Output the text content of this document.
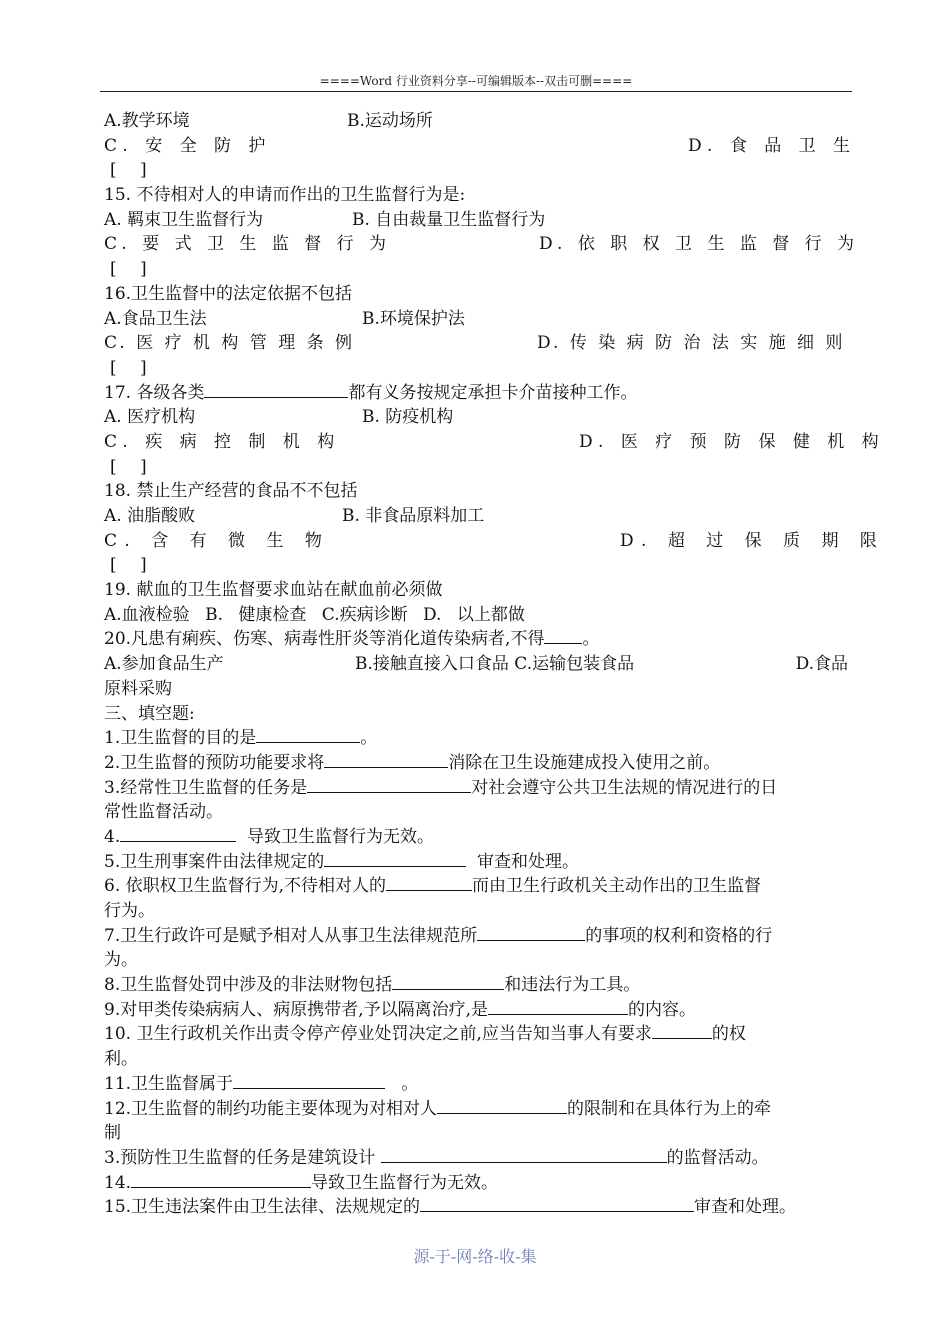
====Word 行业资料分享--可编辑版本--双击可删====
A.教学环境	B.运动场所
C. 安 全 防 护	D. 食 品 卫 生
[ ]
15. 不待相对人的申请而作出的卫生监督行为是:
A. 羁束卫生监督行为	B. 自由裁量卫生监督行为
C. 要 式 卫 生 监 督 行 为	D. 依 职 权 卫 生 监 督 行 为
[ ]
16.卫生监督中的法定依据不包括
A.食品卫生法	B.环境保护法
C. 医 疗 机 构 管 理 条 例	D. 传 染 病 防 治 法 实 施 细 则
[ ]
17. 各级各类	都有义务按规定承担卡介苗接种工作。
A. 医疗机构	B. 防疫机构
C. 疾 病 控 制 机 构	D. 医 疗 预 防 保 健 机 构
[ ]
18. 禁止生产经营的食品不不包括
A. 油脂酸败	B. 非食品原料加工
C. 含 有 微 生 物	D. 超 过 保 质 期 限
[ ]
19. 献血的卫生监督要求血站在献血前必须做
A.血液检验 B. 健康检查 C.疾病诊断 D. 以上都做
20.凡患有痢疾、伤寒、病毒性肝炎等消化道传染病者,不得 。
A.参加食品生产	B.接触直接入口食品 C.运输包装食品	D.食品
原料采购
三、填空题:
1.卫生监督的目的是	。
2.卫生监督的预防功能要求将	消除在卫生设施建成投入使用之前。
3.经常性卫生监督的任务是	对社会遵守公共卫生法规的情况进行的日
常性监督活动。
4.	导致卫生监督行为无效。
5.卫生刑事案件由法律规定的	审查和处理。
6. 依职权卫生监督行为,不待相对人的	而由卫生行政机关主动作出的卫生监督
行为。
7.卫生行政许可是赋予相对人从事卫生法律规范所	的事项的权利和资格的行
为。
8.卫生监督处罚中涉及的非法财物包括	和违法行为工具。
9.对甲类传染病病人、病原携带者,予以隔离治疗,是	的内容。
10. 卫生行政机关作出责令停产停业处罚决定之前,应当告知当事人有要求	的权
利。
11.卫生监督属于	。
12.卫生监督的制约功能主要体现为对相对人	的限制和在具体行为上的牵
制
3.预防性卫生监督的任务是建筑设计	的监督活动。
14.	导致卫生监督行为无效。
15.卫生违法案件由卫生法律、法规规定的	审查和处理。
源-于-网-络-收-集
